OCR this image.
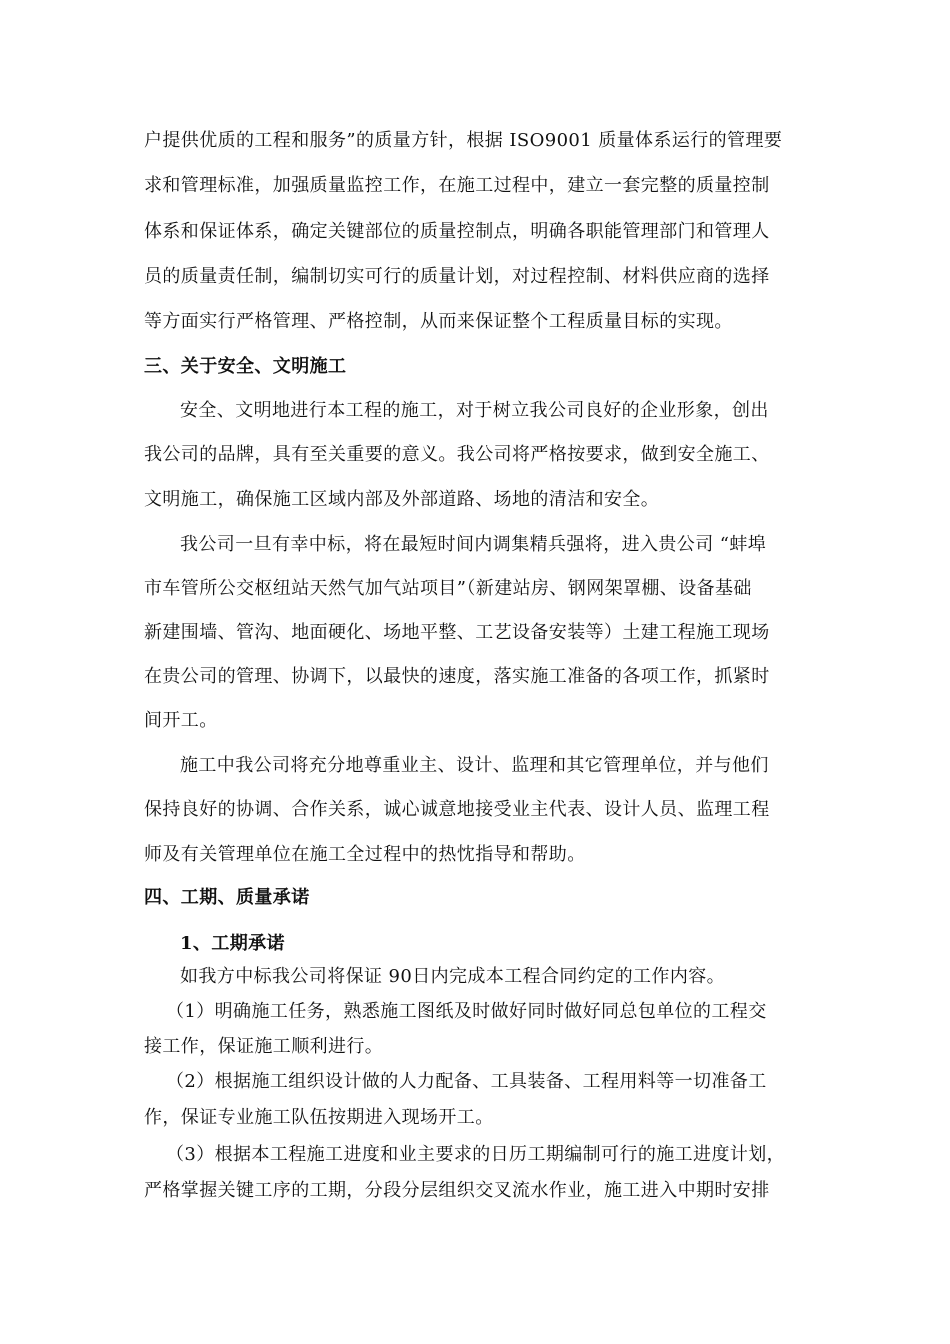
户提供优质的工程和服务”的质量方针，根据 ISO9001 质量体系运行的管理要
求和管理标准，加强质量监控工作，在施工过程中，建立一套完整的质量控制
体系和保证体系，确定关键部位的质量控制点，明确各职能管理部门和管理人
员的质量责任制，编制切实可行的质量计划，对过程控制、材料供应商的选择
等方面实行严格管理、严格控制，从而来保证整个工程质量目标的实现。
三、关于安全、文明施工
安全、文明地进行本工程的施工，对于树立我公司良好的企业形象，创出
我公司的品牌，具有至关重要的意义。我公司将严格按要求，做到安全施工、
文明施工，确保施工区域内部及外部道路、场地的清洁和安全。
我公司一旦有幸中标，将在最短时间内调集精兵强将，进入贵公司 “蚌埠
市车管所公交枢纽站天然气加气站项目”（新建站房、钢网架罩棚、设备基础
新建围墙、管沟、地面硬化、场地平整、工艺设备安装等）土建工程施工现场
在贵公司的管理、协调下，以最快的速度，落实施工准备的各项工作，抓紧时
间开工。
施工中我公司将充分地尊重业主、设计、监理和其它管理单位，并与他们
保持良好的协调、合作关系，诚心诚意地接受业主代表、设计人员、监理工程
师及有关管理单位在施工全过程中的热忱指导和帮助。
四、工期、质量承诺
1、工期承诺
如我方中标我公司将保证 90日内完成本工程合同约定的工作内容。
（1）明确施工任务，熟悉施工图纸及时做好同时做好同总包单位的工程交
接工作，保证施工顺利进行。
（2）根据施工组织设计做的人力配备、工具装备、工程用料等一切准备工
作，保证专业施工队伍按期进入现场开工。
（3）根据本工程施工进度和业主要求的日历工期编制可行的施工进度计划，
严格掌握关键工序的工期，分段分层组织交叉流水作业，施工进入中期时安排
